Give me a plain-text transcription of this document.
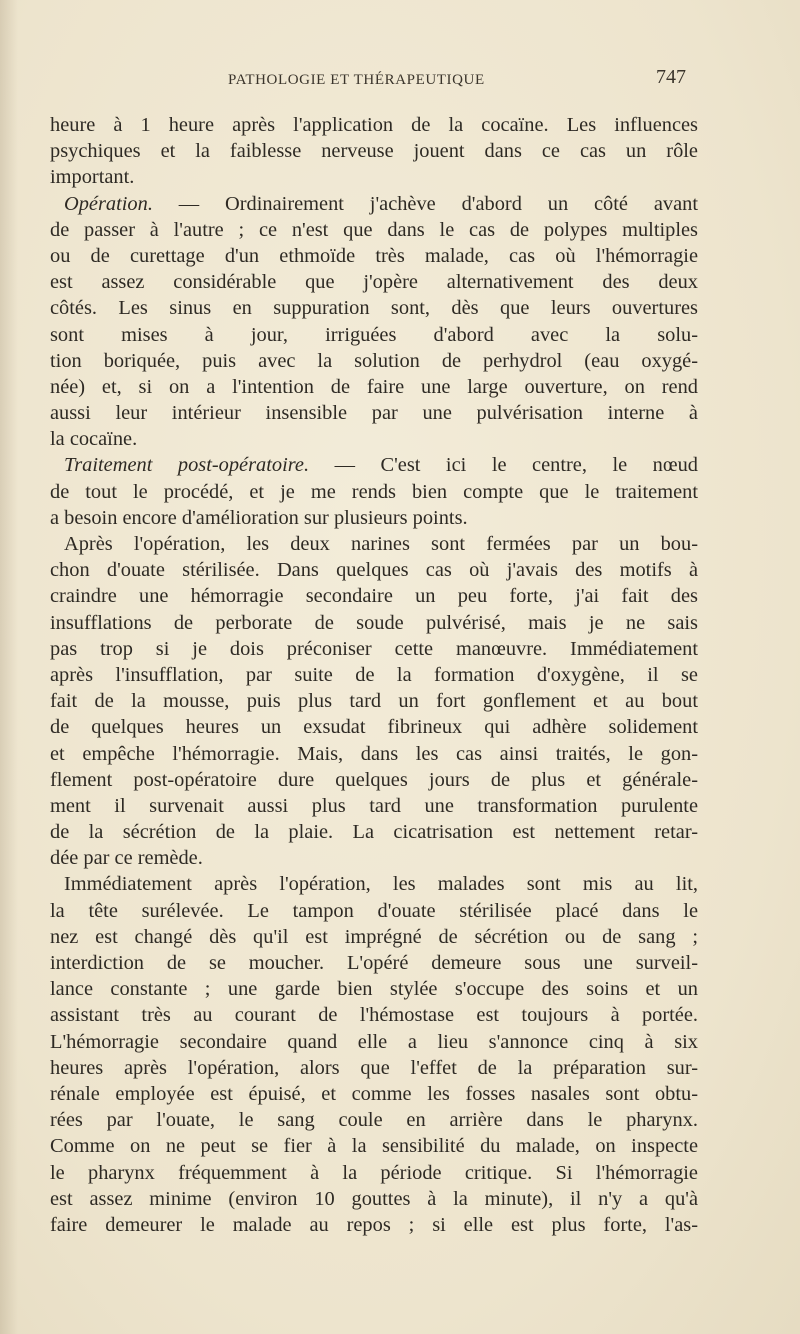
PATHOLOGIE ET THÉRAPEUTIQUE	747
heure à 1 heure après l'application de la cocaïne. Les influences
psychiques et la faiblesse nerveuse jouent dans ce cas un rôle
important.
Opération. — Ordinairement j'achève d'abord un côté avant
de passer à l'autre ; ce n'est que dans le cas de polypes multiples
ou de curettage d'un ethmoïde très malade, cas où l'hémorragie
est assez considérable que j'opère alternativement des deux
côtés. Les sinus en suppuration sont, dès que leurs ouvertures
sont mises à jour, irriguées d'abord avec la solu-
tion boriquée, puis avec la solution de perhydrol (eau oxygé-
née) et, si on a l'intention de faire une large ouverture, on rend
aussi leur intérieur insensible par une pulvérisation interne à
la cocaïne.
Traitement post-opératoire. — C'est ici le centre, le nœud
de tout le procédé, et je me rends bien compte que le traitement
a besoin encore d'amélioration sur plusieurs points.
Après l'opération, les deux narines sont fermées par un bou-
chon d'ouate stérilisée. Dans quelques cas où j'avais des motifs à
craindre une hémorragie secondaire un peu forte, j'ai fait des
insufflations de perborate de soude pulvérisé, mais je ne sais
pas trop si je dois préconiser cette manœuvre. Immédiatement
après l'insufflation, par suite de la formation d'oxygène, il se
fait de la mousse, puis plus tard un fort gonflement et au bout
de quelques heures un exsudat fibrineux qui adhère solidement
et empêche l'hémorragie. Mais, dans les cas ainsi traités, le gon-
flement post-opératoire dure quelques jours de plus et générale-
ment il survenait aussi plus tard une transformation purulente
de la sécrétion de la plaie. La cicatrisation est nettement retar-
dée par ce remède.
Immédiatement après l'opération, les malades sont mis au lit,
la tête surélevée. Le tampon d'ouate stérilisée placé dans le
nez est changé dès qu'il est imprégné de sécrétion ou de sang ;
interdiction de se moucher. L'opéré demeure sous une surveil-
lance constante ; une garde bien stylée s'occupe des soins et un
assistant très au courant de l'hémostase est toujours à portée.
L'hémorragie secondaire quand elle a lieu s'annonce cinq à six
heures après l'opération, alors que l'effet de la préparation sur-
rénale employée est épuisé, et comme les fosses nasales sont obtu-
rées par l'ouate, le sang coule en arrière dans le pharynx.
Comme on ne peut se fier à la sensibilité du malade, on inspecte
le pharynx fréquemment à la période critique. Si l'hémorragie
est assez minime (environ 10 gouttes à la minute), il n'y a qu'à
faire demeurer le malade au repos ; si elle est plus forte, l'as-
